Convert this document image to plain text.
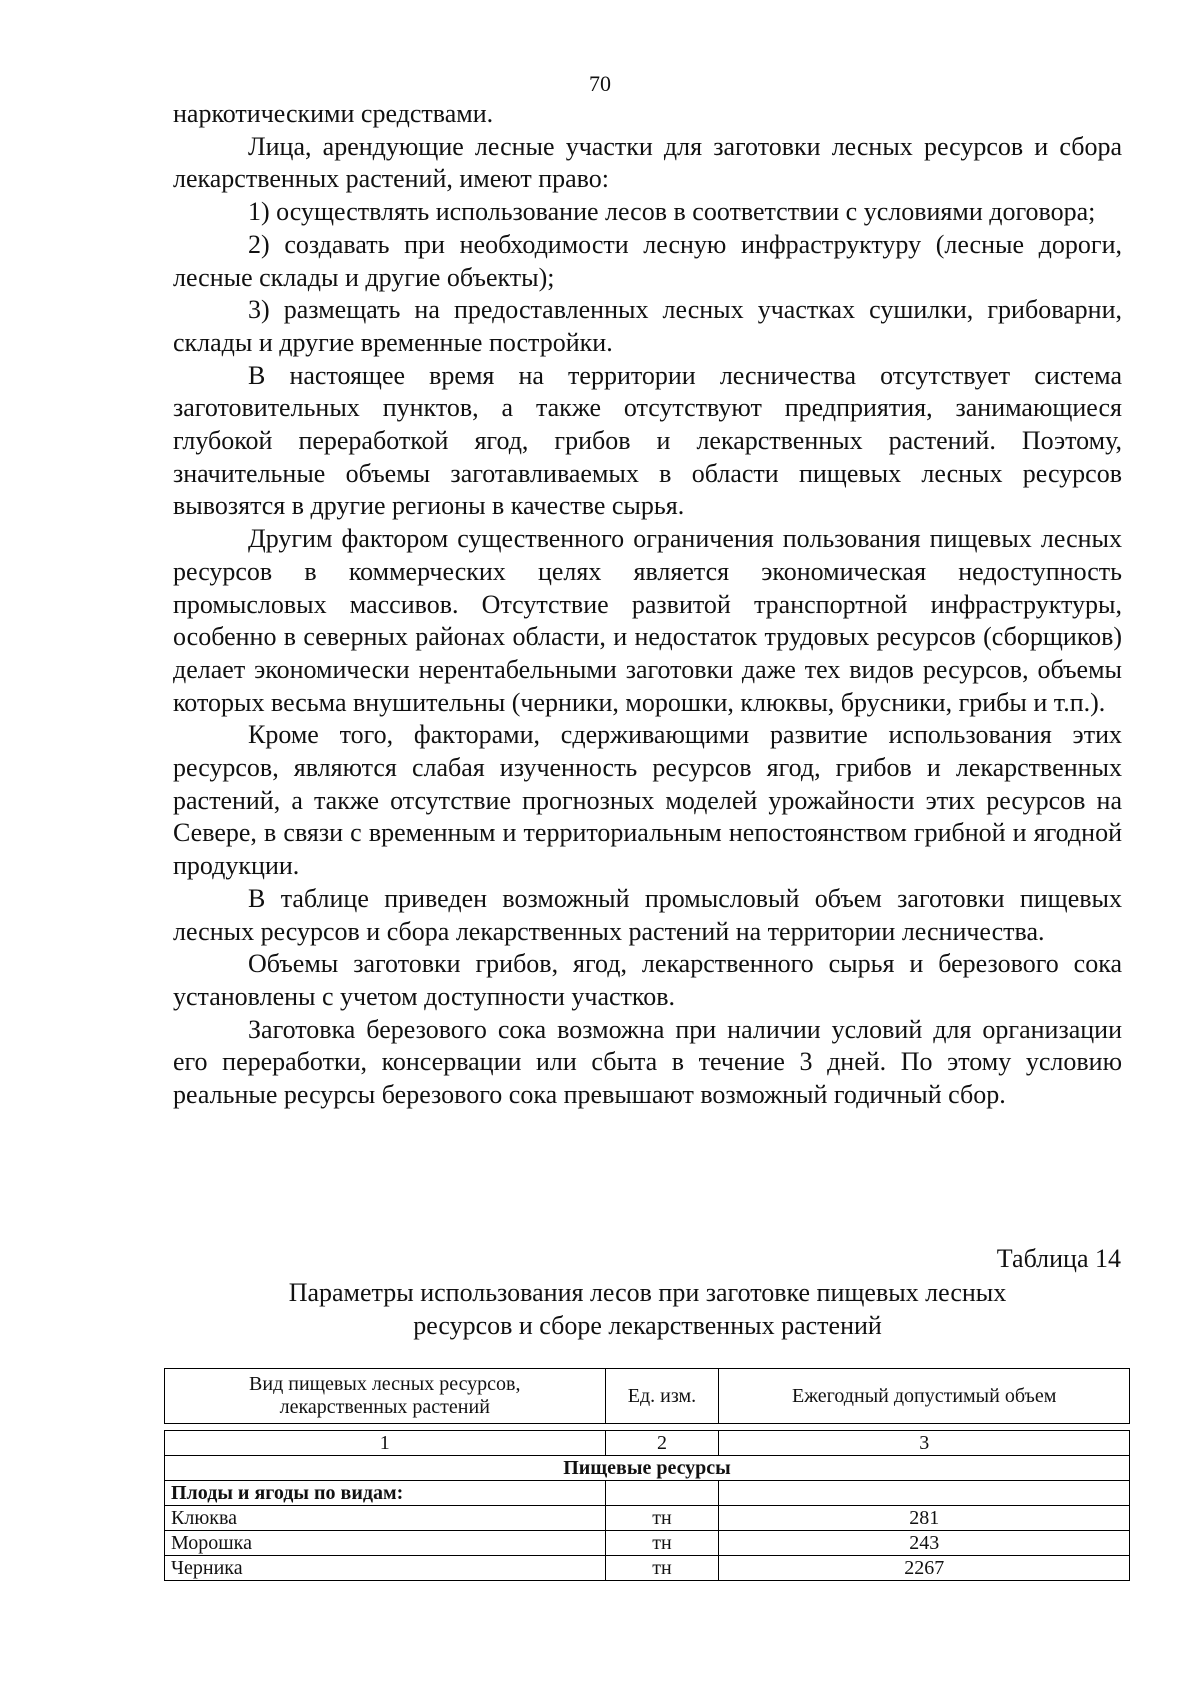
70

наркотическими средствами.

Лица, арендующие лесные участки для заготовки лесных ресурсов и сбора лекарственных растений, имеют право:

1) осуществлять использование лесов в соответствии с условиями договора;

2) создавать при необходимости лесную инфраструктуру (лесные дороги, лесные склады и другие объекты);

3) размещать на предоставленных лесных участках сушилки, грибоварни, склады и другие временные постройки.

В настоящее время на территории лесничества отсутствует система заготовительных пунктов, а также отсутствуют предприятия, занимающиеся глубокой переработкой ягод, грибов и лекарственных растений. Поэтому, значительные объемы заготавливаемых в области пищевых лесных ресурсов вывозятся в другие регионы в качестве сырья.

Другим фактором существенного ограничения пользования пищевых лесных ресурсов в коммерческих целях является экономическая недоступность промысловых массивов. Отсутствие развитой транспортной инфраструктуры, особенно в северных районах области, и недостаток трудовых ресурсов (сборщиков) делает экономически нерентабельными заготовки даже тех видов ресурсов, объемы которых весьма внушительны (черники, морошки, клюквы, брусники, грибы и т.п.).

Кроме того, факторами, сдерживающими развитие использования этих ресурсов, являются слабая изученность ресурсов ягод, грибов и лекарственных растений, а также отсутствие прогнозных моделей урожайности этих ресурсов на Севере, в связи с временным и территориальным непостоянством грибной и ягодной продукции.

В таблице приведен возможный промысловый объем заготовки пищевых лесных ресурсов и сбора лекарственных растений на территории лесничества.

Объемы заготовки грибов, ягод, лекарственного сырья и березового сока установлены с учетом доступности участков.

Заготовка березового сока возможна при наличии условий для организации его переработки, консервации или сбыта в течение 3 дней. По этому условию реальные ресурсы березового сока превышают возможный годичный сбор.

Таблица 14
Параметры использования лесов при заготовке пищевых лесных
ресурсов и сборе лекарственных растений
Вид пищевых лесных ресурсов,
лекарственных растений	Ед. изм.	Ежегодный допустимый объем

1	2	3
Пищевые ресурсы		
Плоды и ягоды по видам:		
Клюква	тн	281
Морошка	тн	243
Черника	тн	2267
